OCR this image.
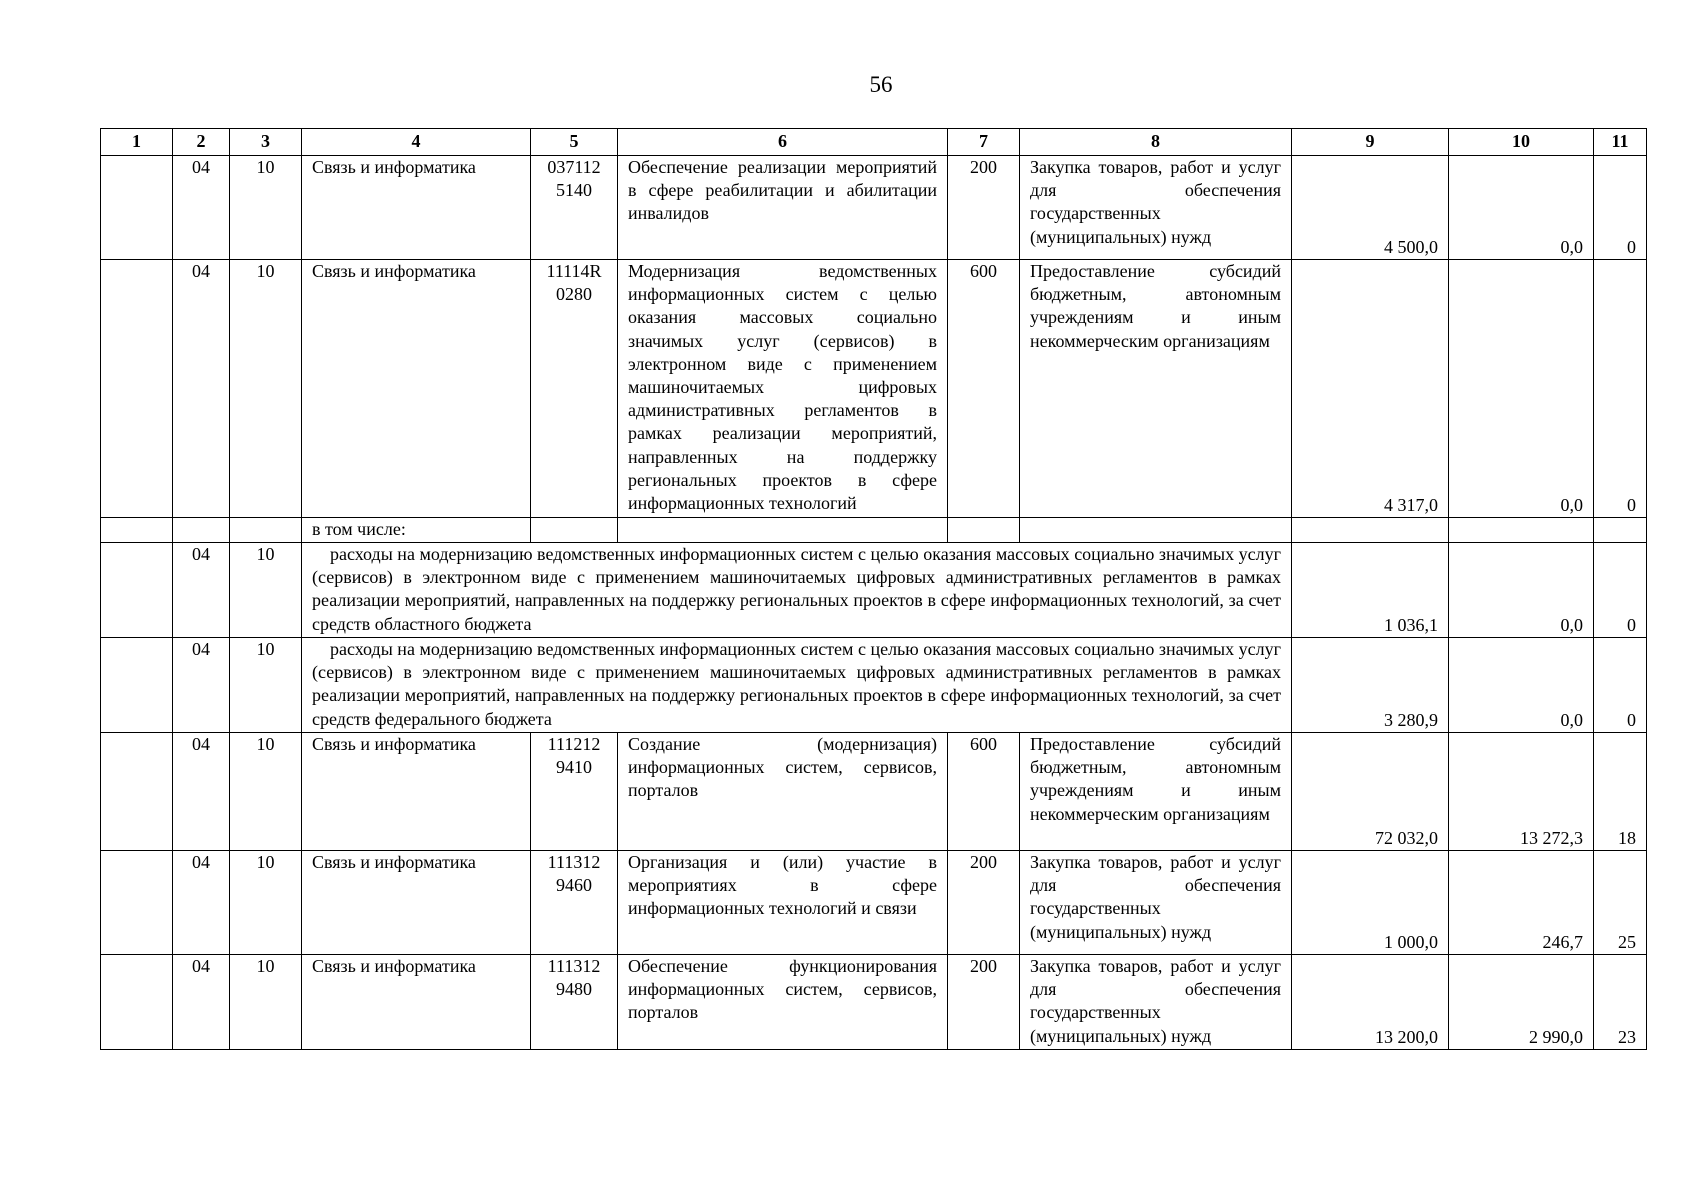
56
1	2	3	4	5	6	7	8	9	10	11
	04	10	Связь и информатика	037112 5140	Обеспечение реализации мероприятий в сфере реабилитации и абилитации инвалидов	200	Закупка товаров, работ и услуг для обеспечения государственных (муниципальных) нужд	4 500,0	0,0	0
	04	10	Связь и информатика	11114R 0280	Модернизация ведомственных информационных систем с целью оказания массовых социально значимых услуг (сервисов) в электронном виде с применением машиночитаемых цифровых административных регламентов в рамках реализации мероприятий, направленных на поддержку региональных проектов в сфере информационных технологий	600	Предоставление субсидий бюджетным, автономным учреждениям и иным некоммерческим организациям	4 317,0	0,0	0
			в том числе:							
	04	10	расходы на модернизацию ведомственных информационных систем с целью оказания массовых социально значимых услуг (сервисов) в электронном виде с применением машиночитаемых цифровых административных регламентов в рамках реализации мероприятий, направленных на поддержку региональных проектов в сфере информационных технологий, за счет средств областного бюджета					1 036,1	0,0	0
	04	10	расходы на модернизацию ведомственных информационных систем с целью оказания массовых социально значимых услуг (сервисов) в электронном виде с применением машиночитаемых цифровых административных регламентов в рамках реализации мероприятий, направленных на поддержку региональных проектов в сфере информационных технологий, за счет средств федерального бюджета					3 280,9	0,0	0
	04	10	Связь и информатика	111212 9410	Создание (модернизация) информационных систем, сервисов, порталов	600	Предоставление субсидий бюджетным, автономным учреждениям и иным некоммерческим организациям	72 032,0	13 272,3	18
	04	10	Связь и информатика	111312 9460	Организация и (или) участие в мероприятиях в сфере информационных технологий и связи	200	Закупка товаров, работ и услуг для обеспечения государственных (муниципальных) нужд	1 000,0	246,7	25
	04	10	Связь и информатика	111312 9480	Обеспечение функционирования информационных систем, сервисов, порталов	200	Закупка товаров, работ и услуг для обеспечения государственных (муниципальных) нужд	13 200,0	2 990,0	23
